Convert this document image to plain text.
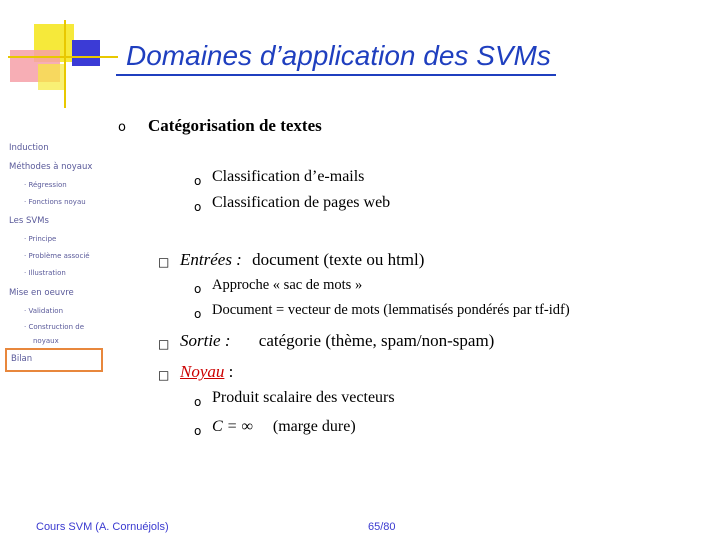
Domaines d’application des SVMs
Induction
Méthodes à noyaux
· Régression
· Fonctions noyau
Les SVMs
· Principe
· Problème associé
· Illustration
Mise en oeuvre
· Validation
· Construction de
noyaux
Bilan
o Catégorisation de textes
o Classification d’e-mails
o Classification de pages web
□ Entrées : document (texte ou html)
o Approche « sac de mots »
o Document = vecteur de mots (lemmatisés pondérés par tf-idf)
□ Sortie : catégorie (thème, spam/non-spam)
□ Noyau :
o Produit scalaire des vecteurs
o C = ∞ (marge dure)
Cours SVM (A. Cornuéjols)	65/80
